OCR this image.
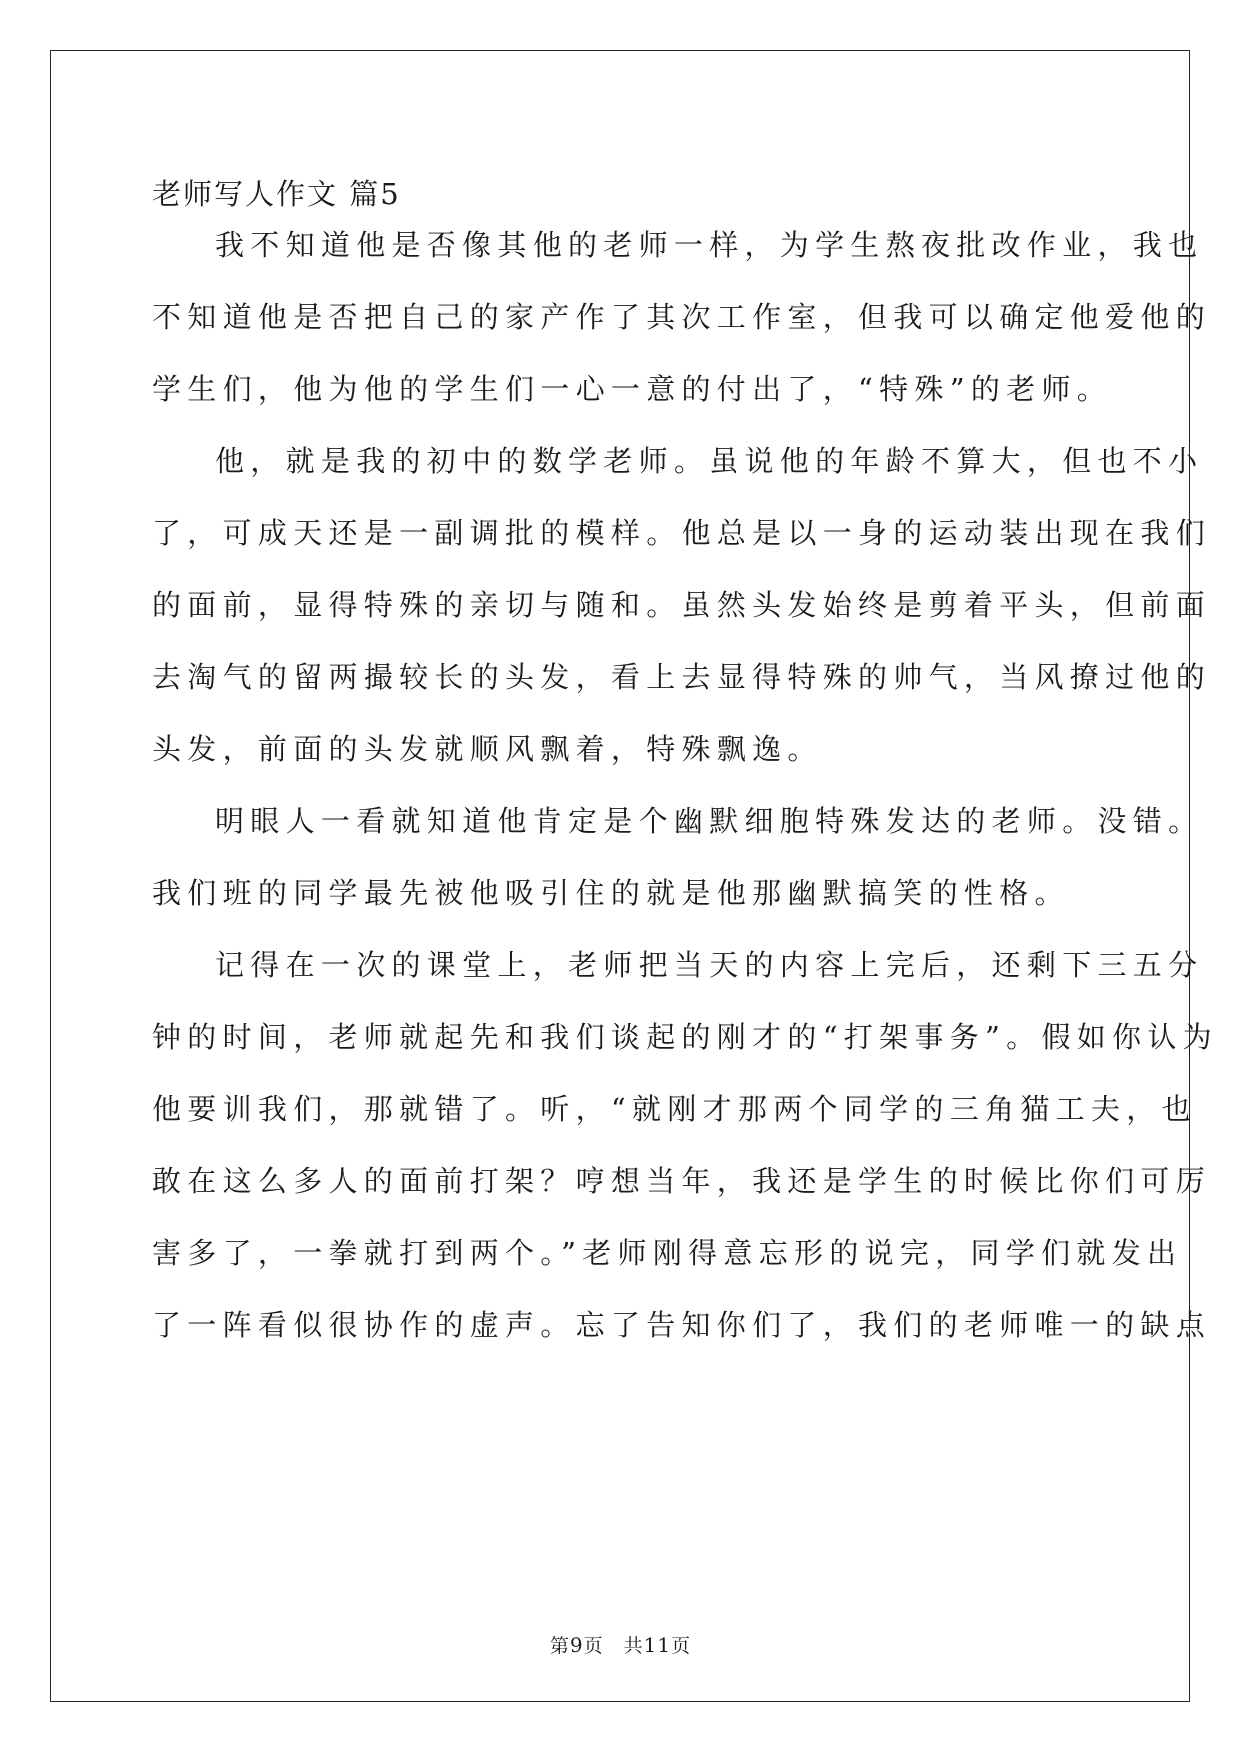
老师写人作文 篇5
我不知道他是否像其他的老师一样，为学生熬夜批改作业，我也
不知道他是否把自己的家产作了其次工作室，但我可以确定他爱他的
学生们，他为他的学生们一心一意的付出了，“特殊”的老师。
他，就是我的初中的数学老师。虽说他的年龄不算大，但也不小
了，可成天还是一副调批的模样。他总是以一身的运动装出现在我们
的面前，显得特殊的亲切与随和。虽然头发始终是剪着平头，但前面
去淘气的留两撮较长的头发，看上去显得特殊的帅气，当风撩过他的
头发，前面的头发就顺风飘着，特殊飘逸。
明眼人一看就知道他肯定是个幽默细胞特殊发达的老师。没错。
我们班的同学最先被他吸引住的就是他那幽默搞笑的性格。
记得在一次的课堂上，老师把当天的内容上完后，还剩下三五分
钟的时间，老师就起先和我们谈起的刚才的“打架事务”。假如你认为
他要训我们，那就错了。听，“就刚才那两个同学的三角猫工夫，也
敢在这么多人的面前打架？哼想当年，我还是学生的时候比你们可厉
害多了，一拳就打到两个。”老师刚得意忘形的说完，同学们就发出
了一阵看似很协作的虚声。忘了告知你们了，我们的老师唯一的缺点
第9页　共11页
